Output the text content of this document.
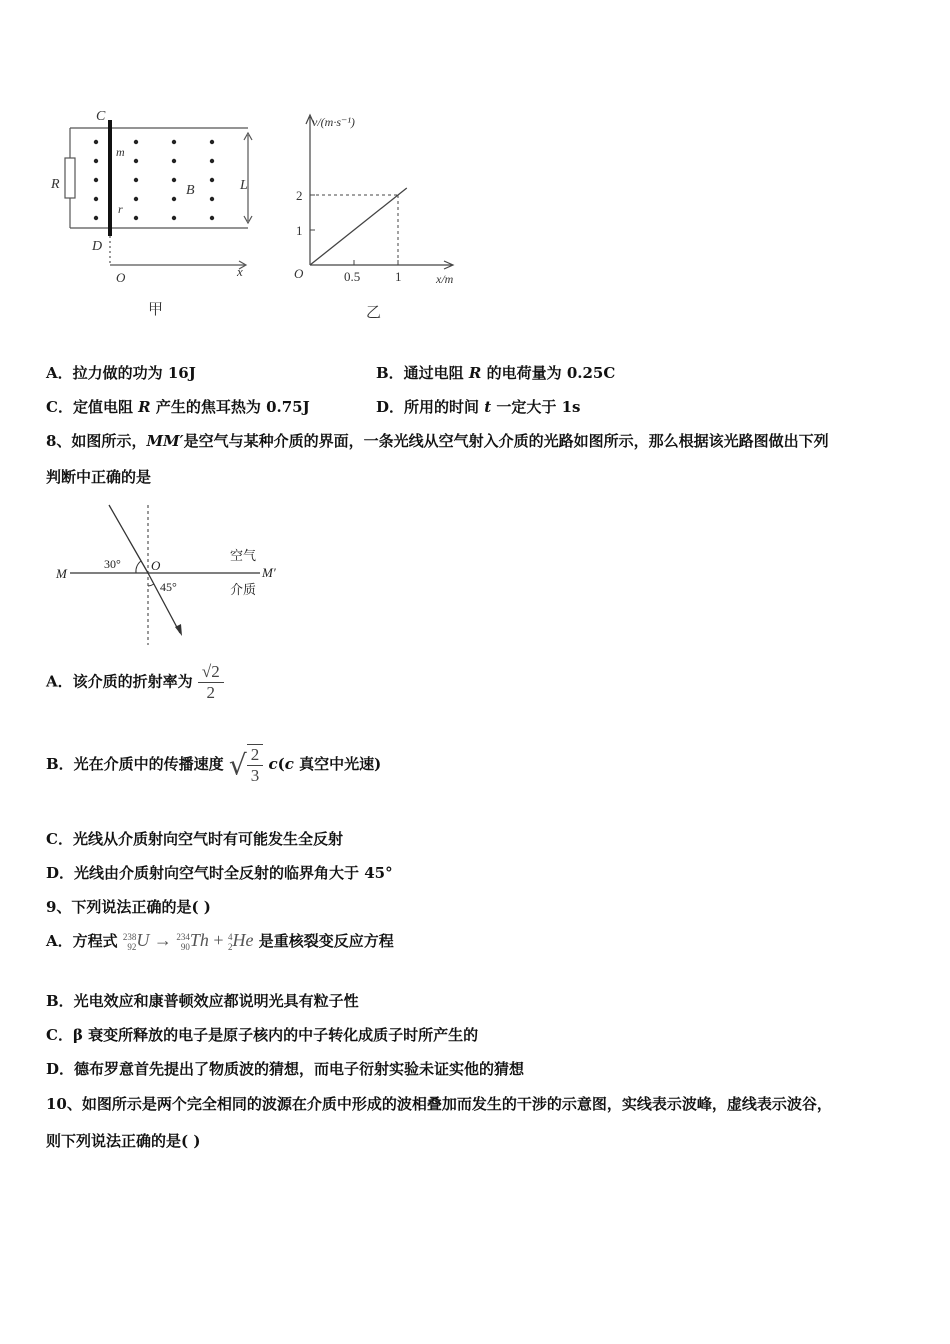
C
D
R
m
r
B	L
O	x
甲
1
2
0.5	1
v/(m·s⁻¹)
x/m
O
乙
A．拉力做的功为 16J	B．通过电阻 R 的电荷量为 0.25C
C．定值电阻 R 产生的焦耳热为 0.75J	D．所用的时间 t 一定大于 1s
8、如图所示，MM′是空气与某种介质的界面，一条光线从空气射入介质的光路如图所示，那么根据该光路图做出下列
判断中正确的是
M	M′
O
30°
45°
空气
介质
A．该介质的折射率为 $\frac{√2}{2}$
B．光在介质中的传播速度 √ $\frac{2}{3} c(c$ 真空中光速)
C．光线从介质射向空气时有可能发生全反射
D．光线由介质射向空气时全反射的临界角大于 45°
9、下列说法正确的是( )
A．方程式 238
92U → 234
90Th + 4
2He 是重核裂变反应方程
B．光电效应和康普顿效应都说明光具有粒子性
C．β 衰变所释放的电子是原子核内的中子转化成质子时所产生的
D．德布罗意首先提出了物质波的猜想，而电子衍射实验未证实他的猜想
10、如图所示是两个完全相同的波源在介质中形成的波相叠加而发生的干涉的示意图，实线表示波峰，虚线表示波谷，
则下列说法正确的是( )
